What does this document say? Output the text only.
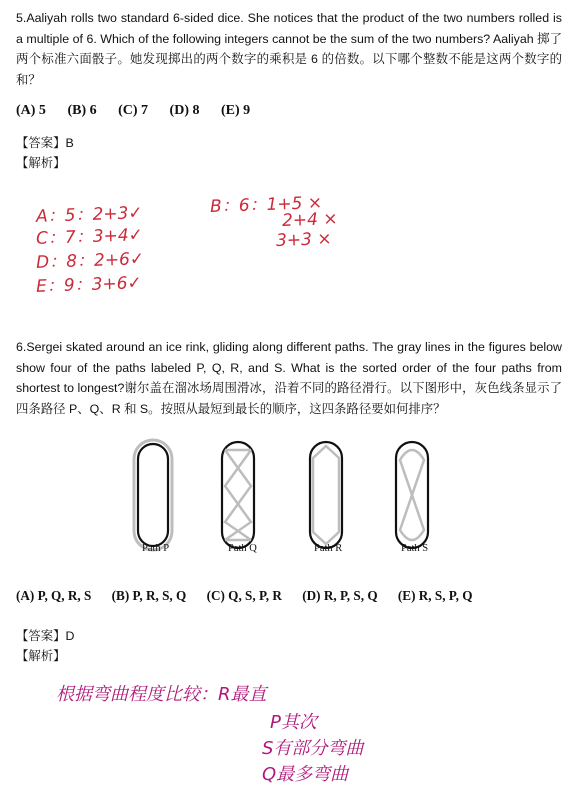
5.Aaliyah rolls two standard 6-sided dice. She notices that the product of the two numbers rolled is a multiple of 6. Which of the following integers cannot be the sum of the two numbers? Aaliyah 掷了两个标准六面骰子。她发现掷出的两个数字的乘积是 6 的倍数。以下哪个整数不能是这两个数字的和？
(A) 5 (B) 6 (C) 7 (D) 8 (E) 9
【答案】B
【解析】
A：5：2+3✓
C：7：3+4✓
D：8：2+6✓
E：9：3+6✓
B：6：1+5 ×
2+4 ×
3+3 ×
6.Sergei skated around an ice rink, gliding along different paths. The gray lines in the figures below show four of the paths labeled P, Q, R, and S. What is the sorted order of the four paths from shortest to longest?谢尔盖在溜冰场周围滑冰，沿着不同的路径滑行。以下图形中，灰色线条显示了四条路径 P、Q、R 和 S。按照从最短到最长的顺序，这四条路径要如何排序？
Path P	Path Q	Path R	Path S
(A) P, Q, R, S (B) P, R, S, Q (C) Q, S, P, R (D) R, P, S, Q (E) R, S, P, Q
【答案】D
【解析】
根据弯曲程度比较：R最直
P其次
S有部分弯曲
Q最多弯曲
